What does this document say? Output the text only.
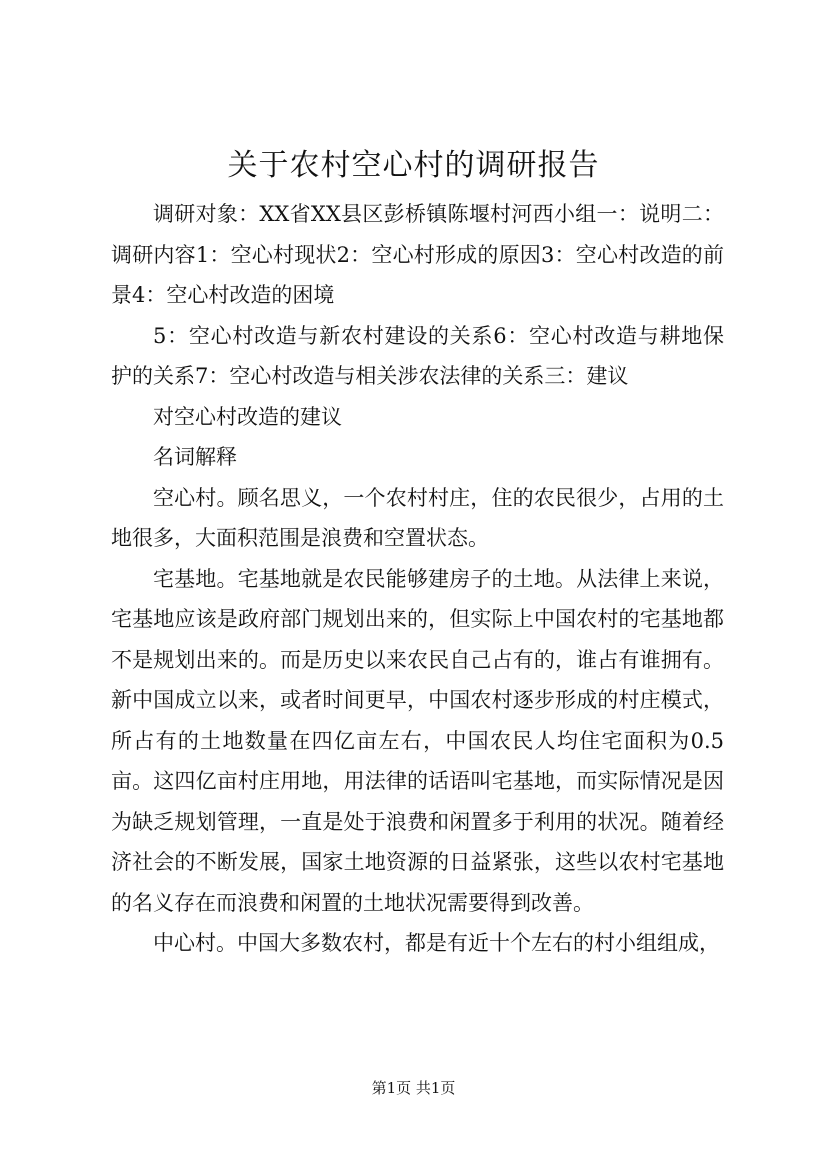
关于农村空心村的调研报告

调研对象：XX省XX县区彭桥镇陈堰村河西小组一：说明二：调研内容1：空心村现状2：空心村形成的原因3：空心村改造的前景4：空心村改造的困境

5：空心村改造与新农村建设的关系6：空心村改造与耕地保护的关系7：空心村改造与相关涉农法律的关系三：建议

对空心村改造的建议

名词解释

空心村。顾名思义，一个农村村庄，住的农民很少，占用的土地很多，大面积范围是浪费和空置状态。

宅基地。宅基地就是农民能够建房子的土地。从法律上来说，宅基地应该是政府部门规划出来的，但实际上中国农村的宅基地都不是规划出来的。而是历史以来农民自己占有的，谁占有谁拥有。新中国成立以来，或者时间更早，中国农村逐步形成的村庄模式，所占有的土地数量在四亿亩左右，中国农民人均住宅面积为0.5亩。这四亿亩村庄用地，用法律的话语叫宅基地，而实际情况是因为缺乏规划管理，一直是处于浪费和闲置多于利用的状况。随着经济社会的不断发展，国家土地资源的日益紧张，这些以农村宅基地的名义存在而浪费和闲置的土地状况需要得到改善。

中心村。中国大多数农村，都是有近十个左右的村小组组成，

第1页 共1页
